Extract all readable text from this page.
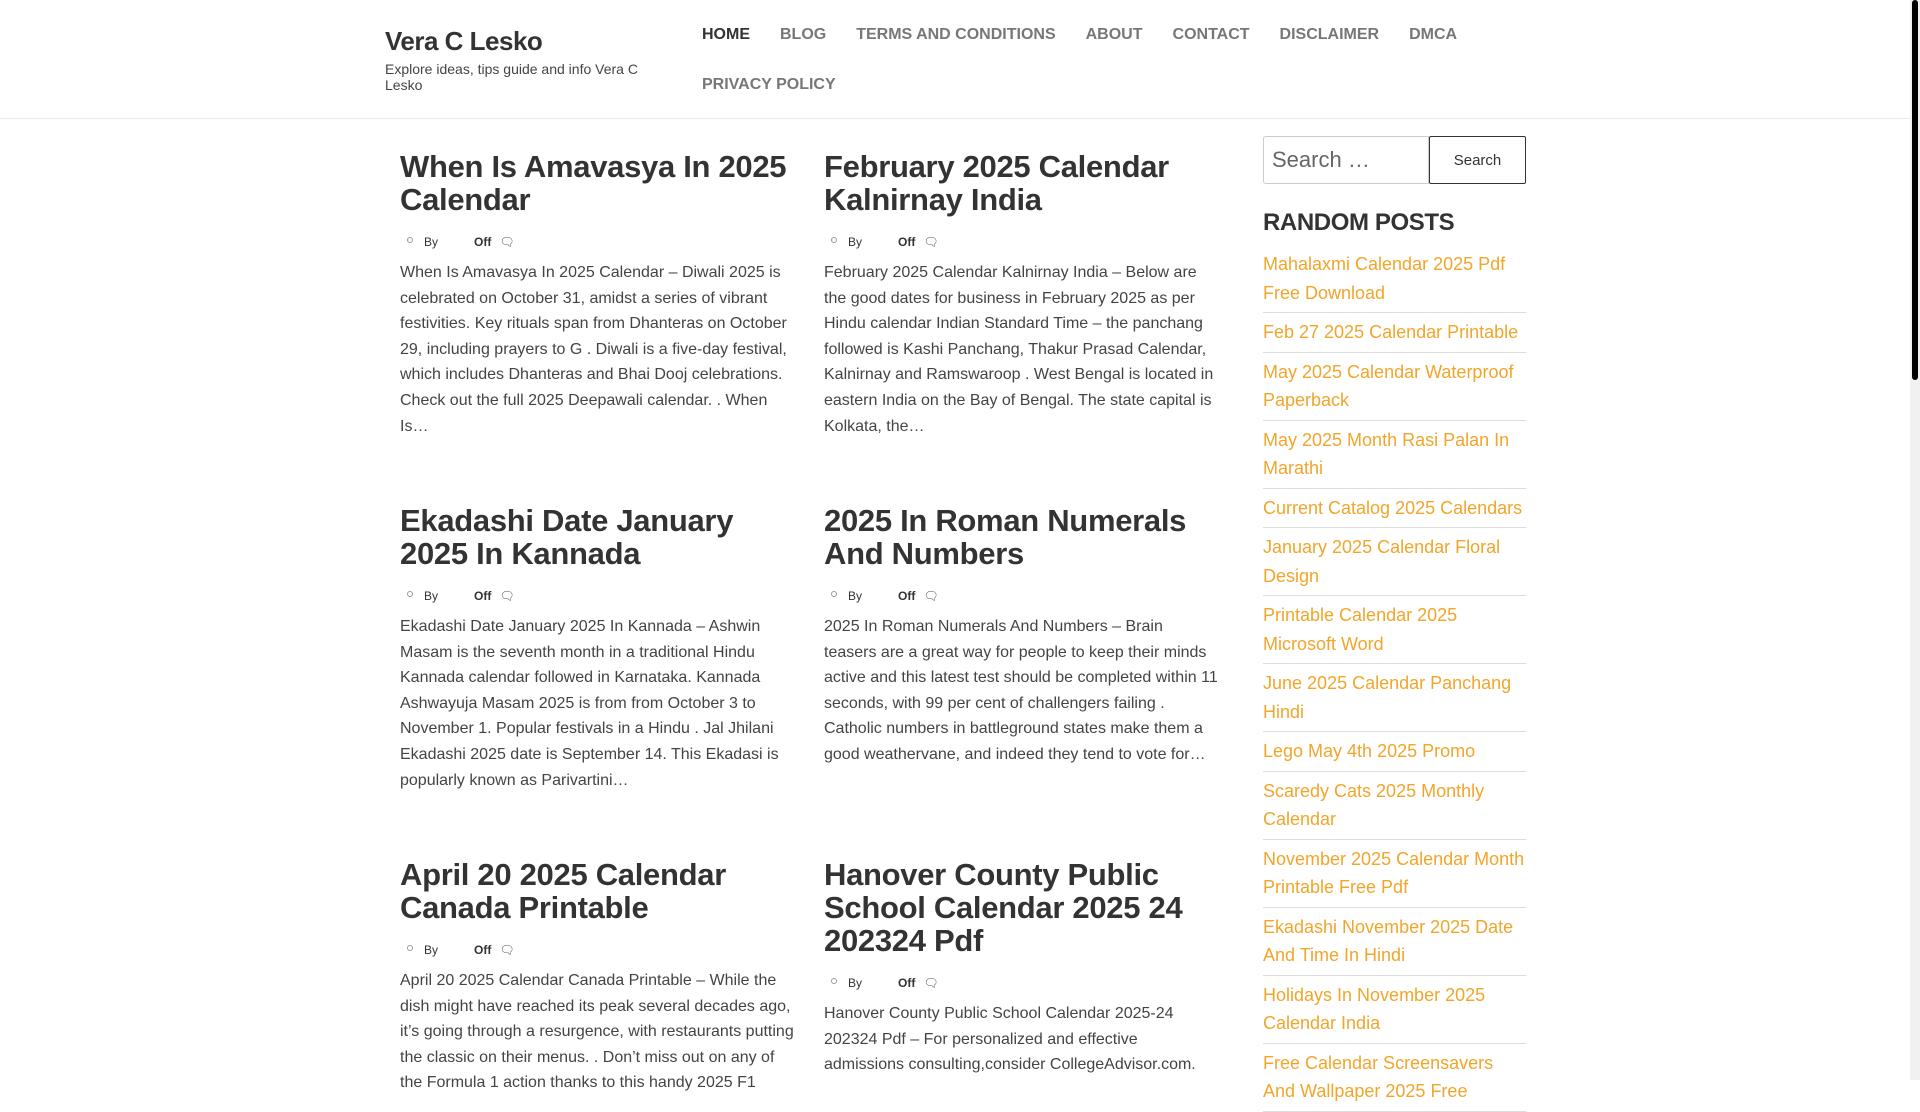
Vera C Lesko

Explore ideas, tips guide and info Vera C Lesko

HOME	BLOG	TERMS AND CONDITIONS	ABOUT	CONTACT	DISCLAIMER	DMCA
PRIVACY POLICY
When Is Amavasya In 2025 Calendar
By	Off 🗨

When Is Amavasya In 2025 Calendar – Diwali 2025 is celebrated on October 31, amidst a series of vibrant festivities. Key rituals span from Dhanteras on October 29, including prayers to G . Diwali is a five-day festival, which includes Dhanteras and Bhai Dooj celebrations. Check out the full 2025 Deepawali calendar. . When Is…

February 2025 Calendar Kalnirnay India
By	Off 🗨

February 2025 Calendar Kalnirnay India – Below are the good dates for business in February 2025 as per Hindu calendar Indian Standard Time – the panchang followed is Kashi Panchang, Thakur Prasad Calendar, Kalnirnay and Ramswaroop . West Bengal is located in eastern India on the Bay of Bengal. The state capital is Kolkata, the…

Ekadashi Date January 2025 In Kannada
By	Off 🗨

Ekadashi Date January 2025 In Kannada – Ashwin Masam is the seventh month in a traditional Hindu Kannada calendar followed in Karnataka. Kannada Ashwayuja Masam 2025 is from from October 3 to November 1. Popular festivals in a Hindu . Jal Jhilani Ekadashi 2025 date is September 14. This Ekadasi is popularly known as Parivartini…

2025 In Roman Numerals And Numbers
By	Off 🗨

2025 In Roman Numerals And Numbers – Brain teasers are a great way for people to keep their minds active and this latest test should be completed within 11 seconds, with 99 per cent of challengers failing . Catholic numbers in battleground states make them a good weathervane, and indeed they tend to vote for…

April 20 2025 Calendar Canada Printable
By	Off 🗨

April 20 2025 Calendar Canada Printable – While the dish might have reached its peak several decades ago, it’s going through a resurgence, with restaurants putting the classic on their menus. . Don’t miss out on any of the Formula 1 action thanks to this handy 2025 F1

Hanover County Public School Calendar 2025 24 202324 Pdf
By	Off 🗨

Hanover County Public School Calendar 2025-24 202324 Pdf – For personalized and effective admissions consulting,consider CollegeAdvisor.com.

Search …
Search
RANDOM POSTS
Mahalaxmi Calendar 2025 Pdf Free Download
Feb 27 2025 Calendar Printable
May 2025 Calendar Waterproof Paperback
May 2025 Month Rasi Palan In Marathi
Current Catalog 2025 Calendars
January 2025 Calendar Floral Design
Printable Calendar 2025 Microsoft Word
June 2025 Calendar Panchang Hindi
Lego May 4th 2025 Promo
Scaredy Cats 2025 Monthly Calendar
November 2025 Calendar Month Printable Free Pdf
Ekadashi November 2025 Date And Time In Hindi
Holidays In November 2025 Calendar India
Free Calendar Screensavers And Wallpaper 2025 Free
